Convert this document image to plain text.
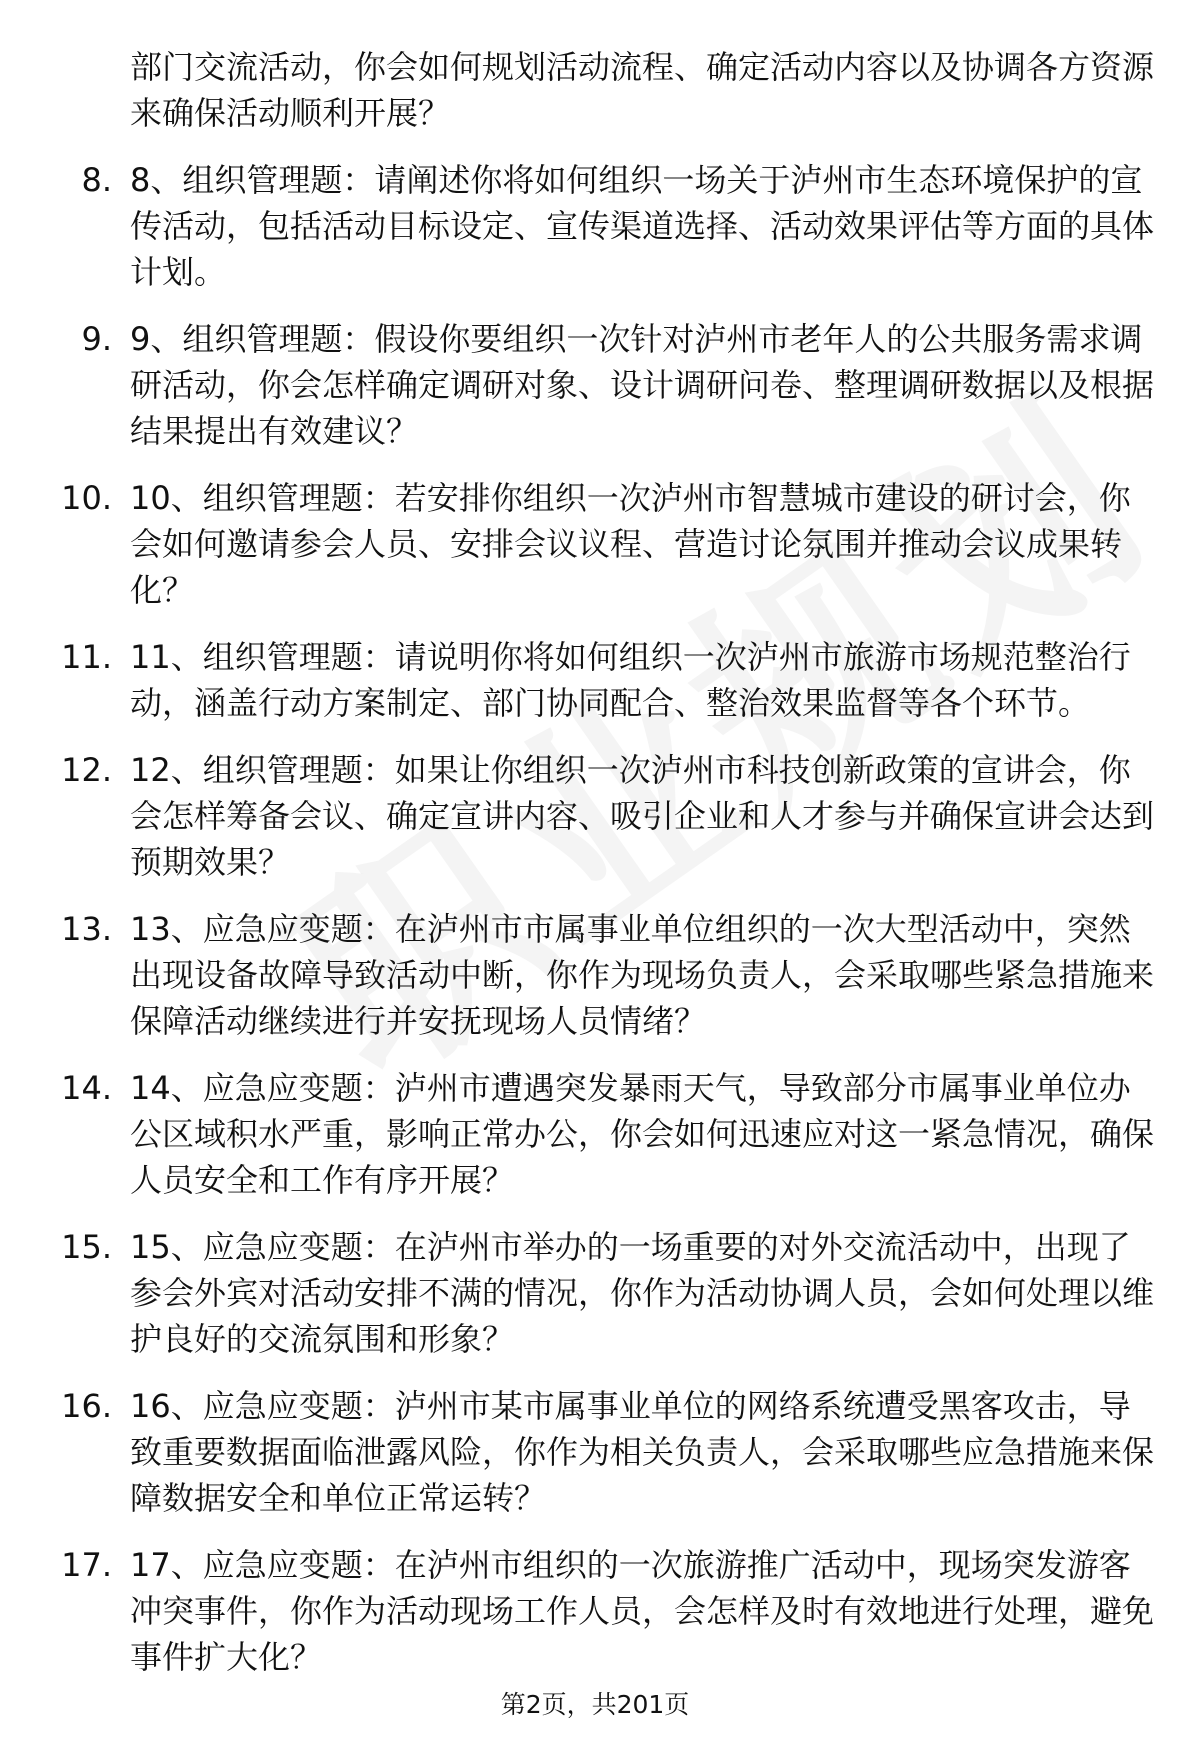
部门交流活动，你会如何规划活动流程、确定活动内容以及协调各方资源来确保活动顺利开展？
8. 8、组织管理题：请阐述你将如何组织一场关于泸州市生态环境保护的宣传活动，包括活动目标设定、宣传渠道选择、活动效果评估等方面的具体计划。
9. 9、组织管理题：假设你要组织一次针对泸州市老年人的公共服务需求调研活动，你会怎样确定调研对象、设计调研问卷、整理调研数据以及根据结果提出有效建议？
10. 10、组织管理题：若安排你组织一次泸州市智慧城市建设的研讨会，你会如何邀请参会人员、安排会议议程、营造讨论氛围并推动会议成果转化？
11. 11、组织管理题：请说明你将如何组织一次泸州市旅游市场规范整治行动，涵盖行动方案制定、部门协同配合、整治效果监督等各个环节。
12. 12、组织管理题：如果让你组织一次泸州市科技创新政策的宣讲会，你会怎样筹备会议、确定宣讲内容、吸引企业和人才参与并确保宣讲会达到预期效果？
13. 13、应急应变题：在泸州市市属事业单位组织的一次大型活动中，突然出现设备故障导致活动中断，你作为现场负责人，会采取哪些紧急措施来保障活动继续进行并安抚现场人员情绪？
14. 14、应急应变题：泸州市遭遇突发暴雨天气，导致部分市属事业单位办公区域积水严重，影响正常办公，你会如何迅速应对这一紧急情况，确保人员安全和工作有序开展？
15. 15、应急应变题：在泸州市举办的一场重要的对外交流活动中，出现了参会外宾对活动安排不满的情况，你作为活动协调人员，会如何处理以维护良好的交流氛围和形象？
16. 16、应急应变题：泸州市某市属事业单位的网络系统遭受黑客攻击，导致重要数据面临泄露风险，你作为相关负责人，会采取哪些应急措施来保障数据安全和单位正常运转？
17. 17、应急应变题：在泸州市组织的一次旅游推广活动中，现场突发游客冲突事件，你作为活动现场工作人员，会怎样及时有效地进行处理，避免事件扩大化？
第2页，共201页
